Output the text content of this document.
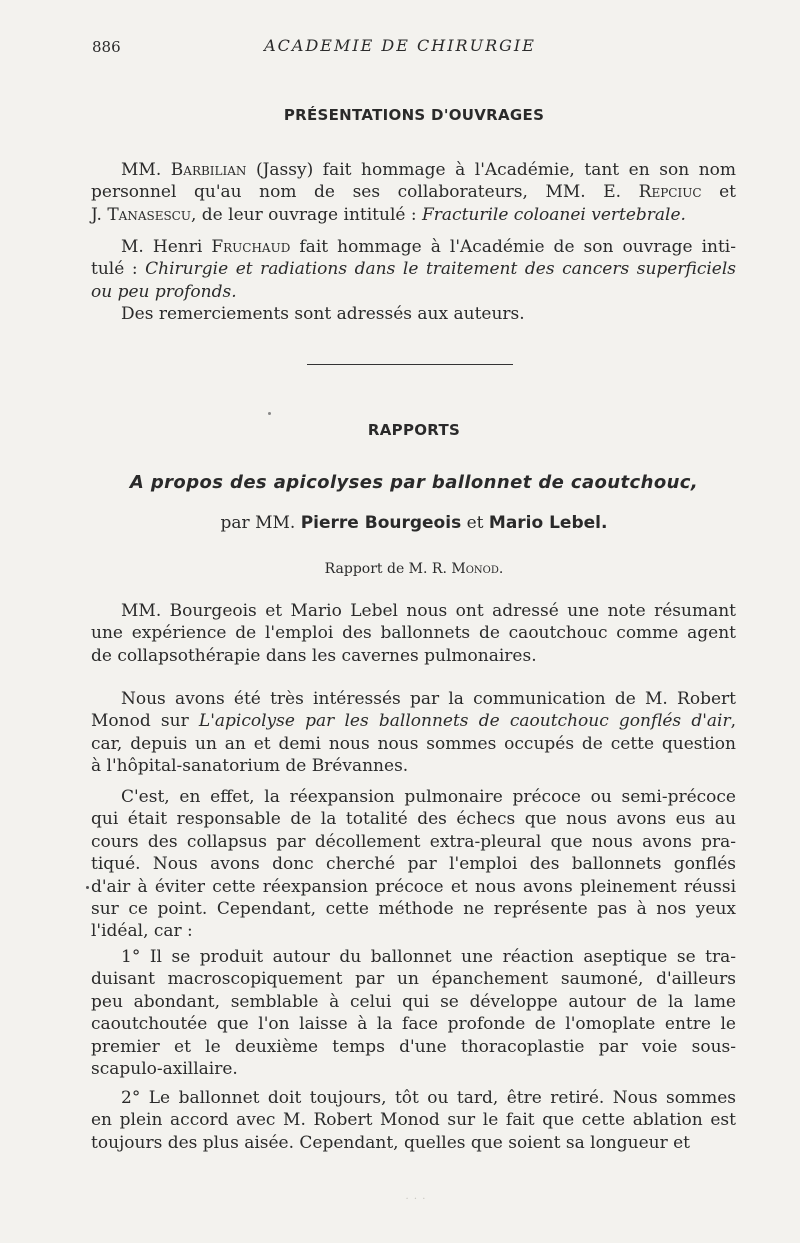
886	ACADEMIE DE CHIRURGIE
PRÉSENTATIONS D'OUVRAGES
MM. Barbilian (Jassy) fait hommage à l'Académie, tant en son nom
personnel qu'au nom de ses collaborateurs, MM. E. Repciuc et
J. Tanasescu, de leur ouvrage intitulé : Fracturile coloanei vertebrale.
M. Henri Fruchaud fait hommage à l'Académie de son ouvrage inti-
tulé : Chirurgie et radiations dans le traitement des cancers superficiels
ou peu profonds.
Des remerciements sont adressés aux auteurs.
RAPPORTS
A propos des apicolyses par ballonnet de caoutchouc,
par MM. Pierre Bourgeois et Mario Lebel.
Rapport de M. R. Monod.
MM. Bourgeois et Mario Lebel nous ont adressé une note résumant
une expérience de l'emploi des ballonnets de caoutchouc comme agent
de collapsothérapie dans les cavernes pulmonaires.
Nous avons été très intéressés par la communication de M. Robert
Monod sur L'apicolyse par les ballonnets de caoutchouc gonflés d'air,
car, depuis un an et demi nous nous sommes occupés de cette question
à l'hôpital-sanatorium de Brévannes.
C'est, en effet, la réexpansion pulmonaire précoce ou semi-précoce
qui était responsable de la totalité des échecs que nous avons eus au
cours des collapsus par décollement extra-pleural que nous avons pra-
tiqué. Nous avons donc cherché par l'emploi des ballonnets gonflés
d'air à éviter cette réexpansion précoce et nous avons pleinement réussi
sur ce point. Cependant, cette méthode ne représente pas à nos yeux
l'idéal, car :
1° Il se produit autour du ballonnet une réaction aseptique se tra-
duisant macroscopiquement par un épanchement saumoné, d'ailleurs
peu abondant, semblable à celui qui se développe autour de la lame
caoutchoutée que l'on laisse à la face profonde de l'omoplate entre le
premier et le deuxième temps d'une thoracoplastie par voie sous-
scapulo-axillaire.
2° Le ballonnet doit toujours, tôt ou tard, être retiré. Nous sommes
en plein accord avec M. Robert Monod sur le fait que cette ablation est
toujours des plus aisée. Cependant, quelles que soient sa longueur et
· · ·
